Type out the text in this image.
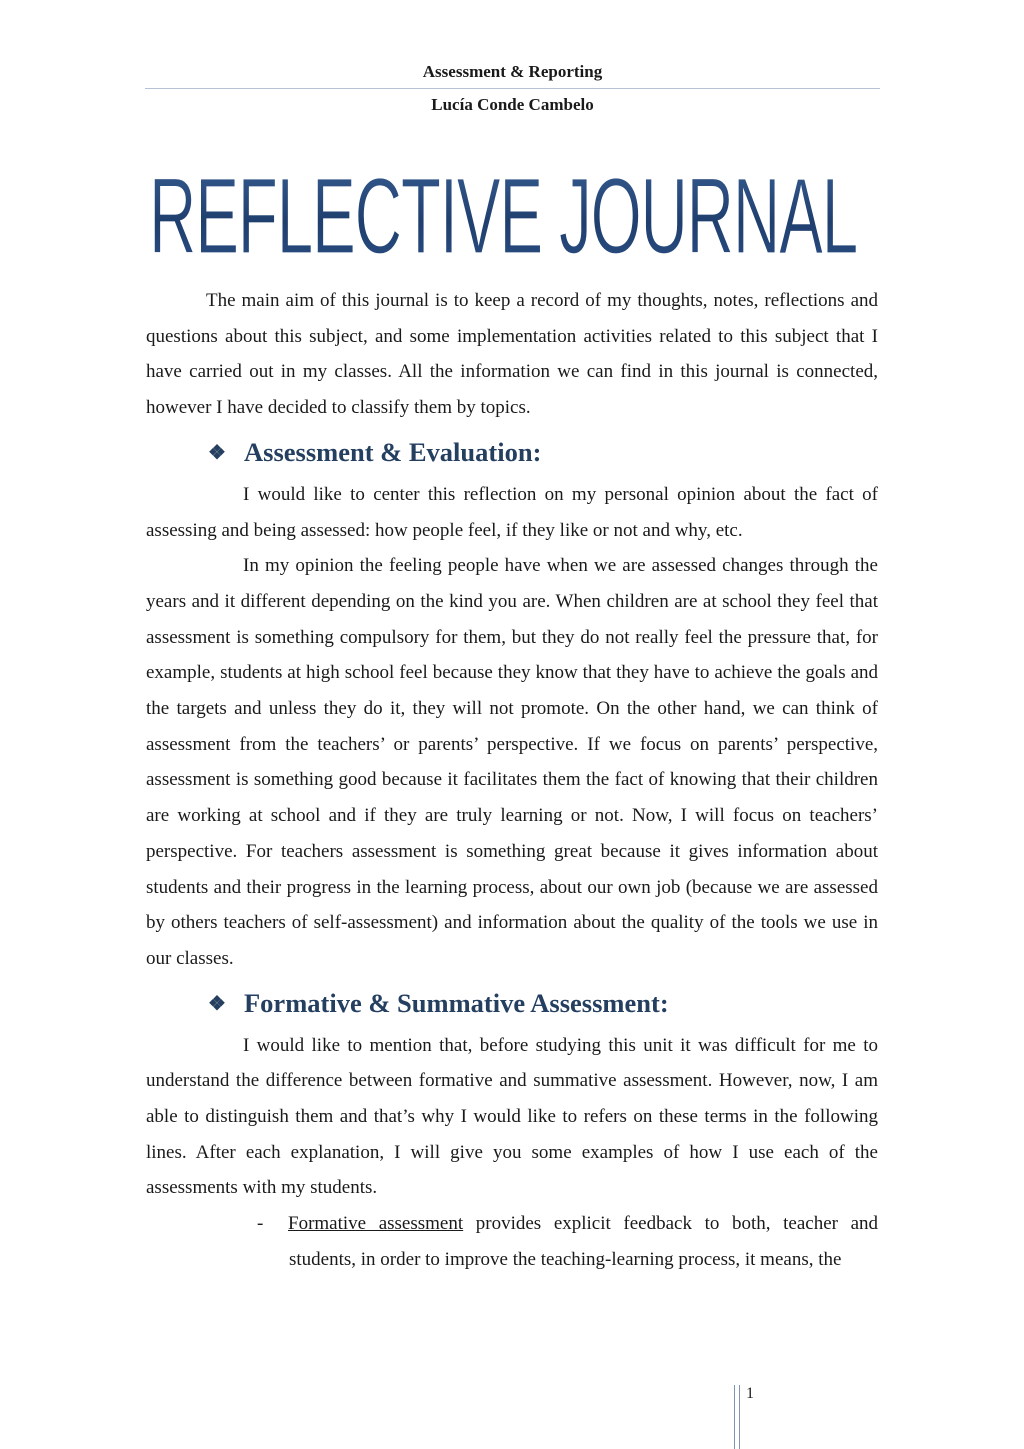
Assessment & Reporting
Lucía Conde Cambelo
REFLECTIVE JOURNAL

The main aim of this journal is to keep a record of my thoughts, notes, reflections and questions about this subject, and some implementation activities related to this subject that I have carried out in my classes. All the information we can find in this journal is connected, however I have decided to classify them by topics.

❖ Assessment & Evaluation:

I would like to center this reflection on my personal opinion about the fact of assessing and being assessed: how people feel, if they like or not and why, etc.

In my opinion the feeling people have when we are assessed changes through the years and it different depending on the kind you are. When children are at school they feel that assessment is something compulsory for them, but they do not really feel the pressure that, for example, students at high school feel because they know that they have to achieve the goals and the targets and unless they do it, they will not promote. On the other hand, we can think of assessment from the teachers’ or parents’ perspective. If we focus on parents’ perspective, assessment is something good because it facilitates them the fact of knowing that their children are working at school and if they are truly learning or not. Now, I will focus on teachers’ perspective. For teachers assessment is something great because it gives information about students and their progress in the learning process, about our own job (because we are assessed by others teachers of self-assessment) and information about the quality of the tools we use in our classes.

❖ Formative & Summative Assessment:

I would like to mention that, before studying this unit it was difficult for me to understand the difference between formative and summative assessment. However, now, I am able to distinguish them and that’s why I would like to refers on these terms in the following lines. After each explanation, I will give you some examples of how I use each of the assessments with my students.

- Formative assessment provides explicit feedback to both, teacher and students, in order to improve the teaching-learning process, it means, the
1
